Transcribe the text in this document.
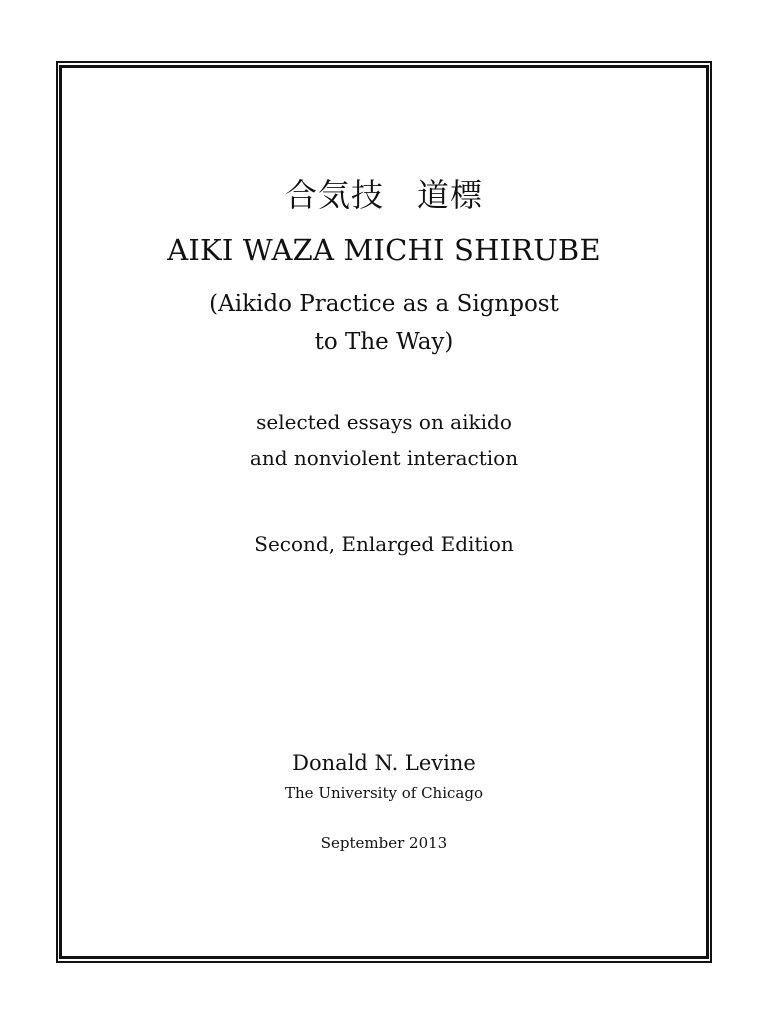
合気技　道標
AIKI WAZA MICHI SHIRUBE
(Aikido Practice as a Signpost
to The Way)
selected essays on aikido
and nonviolent interaction
Second, Enlarged Edition
Donald N. Levine
The University of Chicago
September 2013
